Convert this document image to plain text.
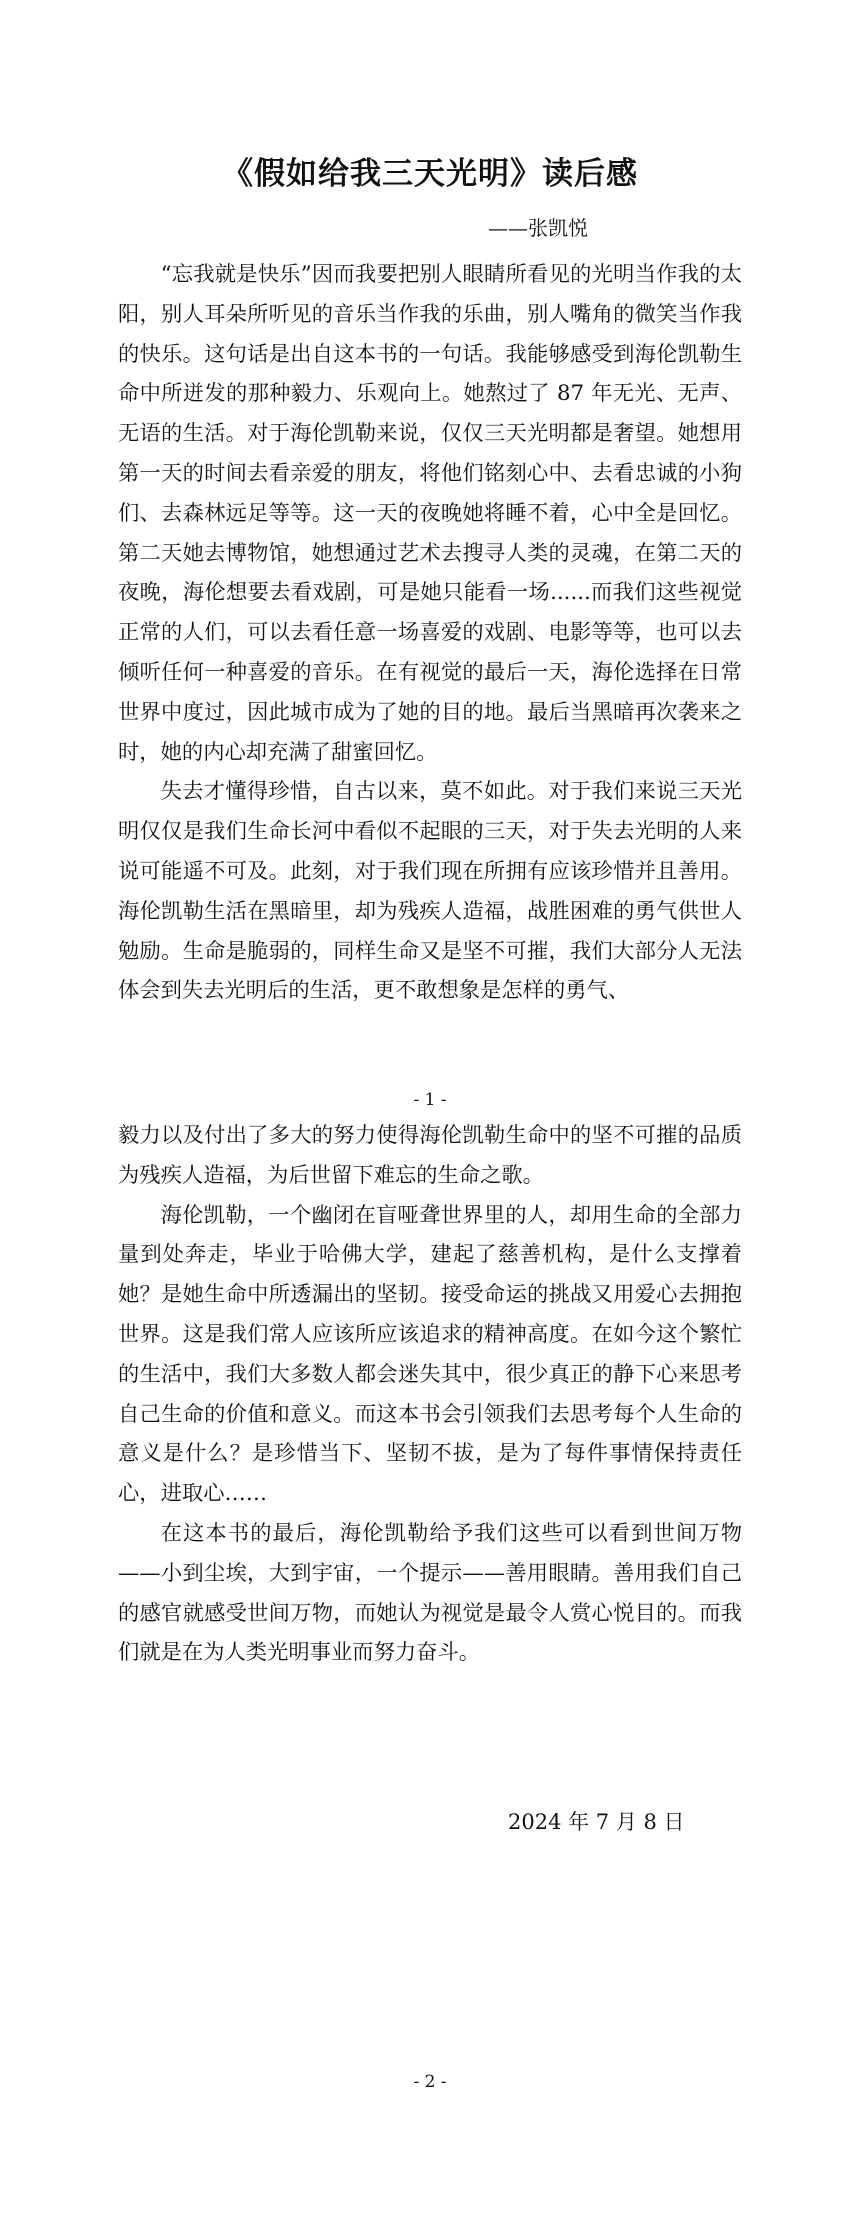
《假如给我三天光明》读后感
——张凯悦

“忘我就是快乐”因而我要把别人眼睛所看见的光明当作我的太阳，别人耳朵所听见的音乐当作我的乐曲，别人嘴角的微笑当作我的快乐。这句话是出自这本书的一句话。我能够感受到海伦凯勒生命中所迸发的那种毅力、乐观向上。她熬过了 87 年无光、无声、无语的生活。对于海伦凯勒来说，仅仅三天光明都是奢望。她想用第一天的时间去看亲爱的朋友，将他们铭刻心中、去看忠诚的小狗们、去森林远足等等。这一天的夜晚她将睡不着，心中全是回忆。第二天她去博物馆，她想通过艺术去搜寻人类的灵魂，在第二天的夜晚，海伦想要去看戏剧，可是她只能看一场......而我们这些视觉正常的人们，可以去看任意一场喜爱的戏剧、电影等等，也可以去倾听任何一种喜爱的音乐。在有视觉的最后一天，海伦选择在日常世界中度过，因此城市成为了她的目的地。最后当黑暗再次袭来之时，她的内心却充满了甜蜜回忆。

失去才懂得珍惜，自古以来，莫不如此。对于我们来说三天光明仅仅是我们生命长河中看似不起眼的三天，对于失去光明的人来说可能遥不可及。此刻，对于我们现在所拥有应该珍惜并且善用。海伦凯勒生活在黑暗里，却为残疾人造福，战胜困难的勇气供世人勉励。生命是脆弱的，同样生命又是坚不可摧，我们大部分人无法体会到失去光明后的生活，更不敢想象是怎样的勇气、

- 1 -

毅力以及付出了多大的努力使得海伦凯勒生命中的坚不可摧的品质为残疾人造福，为后世留下难忘的生命之歌。

海伦凯勒，一个幽闭在盲哑聋世界里的人，却用生命的全部力量到处奔走，毕业于哈佛大学，建起了慈善机构，是什么支撑着她？是她生命中所透漏出的坚韧。接受命运的挑战又用爱心去拥抱世界。这是我们常人应该所应该追求的精神高度。在如今这个繁忙的生活中，我们大多数人都会迷失其中，很少真正的静下心来思考自己生命的价值和意义。而这本书会引领我们去思考每个人生命的意义是什么？是珍惜当下、坚韧不拔，是为了每件事情保持责任心，进取心……

在这本书的最后，海伦凯勒给予我们这些可以看到世间万物——小到尘埃，大到宇宙，一个提示——善用眼睛。善用我们自己的感官就感受世间万物，而她认为视觉是最令人赏心悦目的。而我们就是在为人类光明事业而努力奋斗。

2024 年 7 月 8 日
- 2 -
